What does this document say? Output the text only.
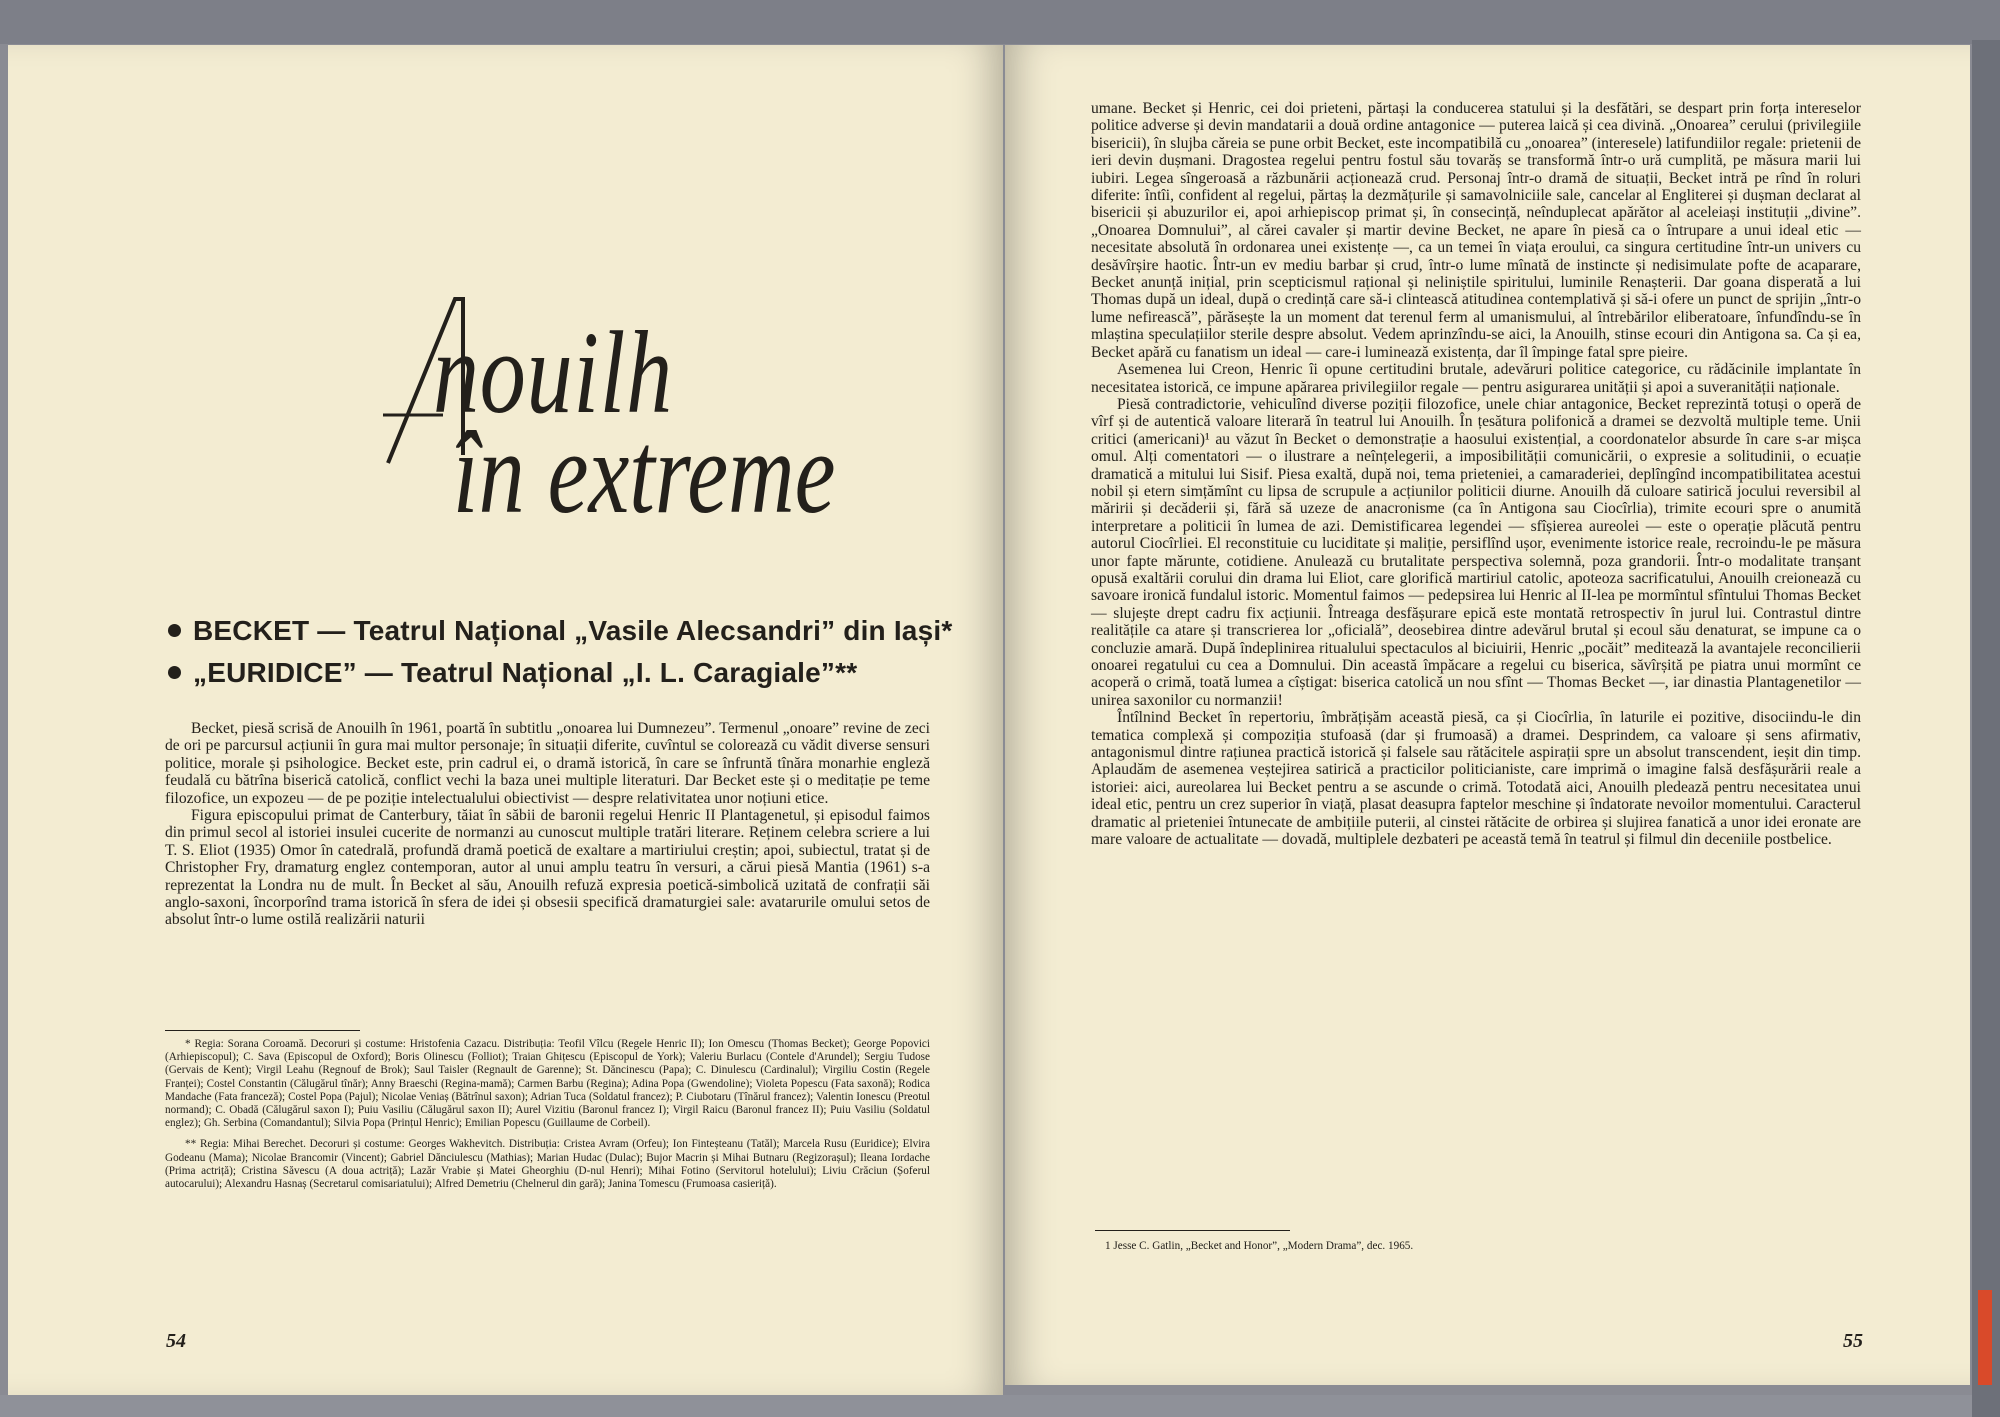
nouilh
în extreme
BECKET — Teatrul Național „Vasile Alecsandri” din Iași*
„EURIDICE” — Teatrul Național „I. L. Caragiale”**

Becket, piesă scrisă de Anouilh în 1961, poartă în subtitlu „onoarea lui Dumnezeu”. Termenul „onoare” revine de zeci de ori pe parcursul acțiunii în gura mai multor personaje; în situații diferite, cuvîntul se colorează cu vădit diverse sensuri politice, morale și psihologice. Becket este, prin cadrul ei, o dramă istorică, în care se înfruntă tînăra monarhie engleză feudală cu bătrîna biserică catolică, conflict vechi la baza unei multiple literaturi. Dar Becket este și o meditație pe teme filozofice, un expozeu — de pe poziție intelectualului obiectivist — despre relativitatea unor noțiuni etice.

Figura episcopului primat de Canterbury, tăiat în săbii de baronii regelui Henric II Plantagenetul, și episodul faimos din primul secol al istoriei insulei cucerite de normanzi au cunoscut multiple tratări literare. Reținem celebra scriere a lui T. S. Eliot (1935) Omor în catedrală, profundă dramă poetică de exaltare a martiriului creștin; apoi, subiectul, tratat și de Christopher Fry, dramaturg englez contemporan, autor al unui amplu teatru în versuri, a cărui piesă Mantia (1961) s-a reprezentat la Londra nu de mult. În Becket al său, Anouilh refuză expresia poetică-simbolică uzitată de confrații săi anglo-saxoni, încorporînd trama istorică în sfera de idei și obsesii specifică dramaturgiei sale: avatarurile omului setos de absolut într-o lume ostilă realizării naturii

* Regia: Sorana Coroamă. Decoruri și costume: Hristofenia Cazacu. Distribuția: Teofil Vîlcu (Regele Henric II); Ion Omescu (Thomas Becket); George Popovici (Arhiepiscopul); C. Sava (Episcopul de Oxford); Boris Olinescu (Folliot); Traian Ghițescu (Episcopul de York); Valeriu Burlacu (Contele d'Arundel); Sergiu Tudose (Gervais de Kent); Virgil Leahu (Regnouf de Brok); Saul Taisler (Regnault de Garenne); St. Dăncinescu (Papa); C. Dinulescu (Cardinalul); Virgiliu Costin (Regele Franței); Costel Constantin (Călugărul tînăr); Anny Braeschi (Regina-mamă); Carmen Barbu (Regina); Adina Popa (Gwendoline); Violeta Popescu (Fata saxonă); Rodica Mandache (Fata franceză); Costel Popa (Pajul); Nicolae Veniaș (Bătrînul saxon); Adrian Tuca (Soldatul francez); P. Ciubotaru (Tînărul francez); Valentin Ionescu (Preotul normand); C. Obadă (Călugărul saxon I); Puiu Vasiliu (Călugărul saxon II); Aurel Vizitiu (Baronul francez I); Virgil Raicu (Baronul francez II); Puiu Vasiliu (Soldatul englez); Gh. Serbina (Comandantul); Silvia Popa (Prințul Henric); Emilian Popescu (Guillaume de Corbeil).

** Regia: Mihai Berechet. Decoruri și costume: Georges Wakhevitch. Distribuția: Cristea Avram (Orfeu); Ion Finteșteanu (Tatăl); Marcela Rusu (Euridice); Elvira Godeanu (Mama); Nicolae Brancomir (Vincent); Gabriel Dănciulescu (Mathias); Marian Hudac (Dulac); Bujor Macrin și Mihai Butnaru (Regizorașul); Ileana Iordache (Prima actriță); Cristina Săvescu (A doua actriță); Lazăr Vrabie și Matei Gheorghiu (D-nul Henri); Mihai Fotino (Servitorul hotelului); Liviu Crăciun (Șoferul autocarului); Alexandru Hasnaș (Secretarul comisariatului); Alfred Demetriu (Chelnerul din gară); Janina Tomescu (Frumoasa casieriță).

54

umane. Becket și Henric, cei doi prieteni, părtași la conducerea statului și la desfătări, se despart prin forța intereselor politice adverse și devin mandatarii a două ordine antagonice — puterea laică și cea divină. „Onoarea” cerului (privilegiile bisericii), în slujba căreia se pune orbit Becket, este incompatibilă cu „onoarea” (interesele) latifundiilor regale: prietenii de ieri devin dușmani. Dragostea regelui pentru fostul său tovarăș se transformă într-o ură cumplită, pe măsura marii lui iubiri. Legea sîngeroasă a răzbunării acționează crud. Personaj într-o dramă de situații, Becket intră pe rînd în roluri diferite: întîi, confident al regelui, părtaș la dezmățurile și samavolniciile sale, cancelar al Engliterei și dușman declarat al bisericii și abuzurilor ei, apoi arhiepiscop primat și, în consecință, neînduplecat apărător al aceleiași instituții „divine”. „Onoarea Domnului”, al cărei cavaler și martir devine Becket, ne apare în piesă ca o întrupare a unui ideal etic — necesitate absolută în ordonarea unei existențe —, ca un temei în viața eroului, ca singura certitudine într-un univers cu desăvîrșire haotic. Într-un ev mediu barbar și crud, într-o lume mînată de instincte și nedisimulate pofte de acaparare, Becket anunță inițial, prin scepticismul rațional și neliniștile spiritului, luminile Renașterii. Dar goana disperată a lui Thomas după un ideal, după o credință care să-i clintească atitudinea contemplativă și să-i ofere un punct de sprijin „într-o lume nefirească”, părăsește la un moment dat terenul ferm al umanismului, al întrebărilor eliberatoare, înfundîndu-se în mlaștina speculațiilor sterile despre absolut. Vedem aprinzîndu-se aici, la Anouilh, stinse ecouri din Antigona sa. Ca și ea, Becket apără cu fanatism un ideal — care-i luminează existența, dar îl împinge fatal spre pieire.

Asemenea lui Creon, Henric îi opune certitudini brutale, adevăruri politice categorice, cu rădăcinile implantate în necesitatea istorică, ce impune apărarea privilegiilor regale — pentru asigurarea unității și apoi a suveranității naționale.

Piesă contradictorie, vehiculînd diverse poziții filozofice, unele chiar antagonice, Becket reprezintă totuși o operă de vîrf și de autentică valoare literară în teatrul lui Anouilh. În țesătura polifonică a dramei se dezvoltă multiple teme. Unii critici (americani)¹ au văzut în Becket o demonstrație a haosului existențial, a coordonatelor absurde în care s-ar mișca omul. Alți comentatori — o ilustrare a neînțelegerii, a imposibilității comunicării, o expresie a solitudinii, o ecuație dramatică a mitului lui Sisif. Piesa exaltă, după noi, tema prieteniei, a camaraderiei, deplîngînd incompatibilitatea acestui nobil și etern simțămînt cu lipsa de scrupule a acțiunilor politicii diurne. Anouilh dă culoare satirică jocului reversibil al măririi și decăderii și, fără să uzeze de anacronisme (ca în Antigona sau Ciocîrlia), trimite ecouri spre o anumită interpretare a politicii în lumea de azi. Demistificarea legendei — sfîșierea aureolei — este o operație plăcută pentru autorul Ciocîrliei. El reconstituie cu luciditate și maliție, persiflînd ușor, evenimente istorice reale, recroindu-le pe măsura unor fapte mărunte, cotidiene. Anulează cu brutalitate perspectiva solemnă, poza grandorii. Într-o modalitate tranșant opusă exaltării corului din drama lui Eliot, care glorifică martiriul catolic, apoteoza sacrificatului, Anouilh creionează cu savoare ironică fundalul istoric. Momentul faimos — pedepsirea lui Henric al II-lea pe mormîntul sfîntului Thomas Becket — slujește drept cadru fix acțiunii. Întreaga desfășurare epică este montată retrospectiv în jurul lui. Contrastul dintre realitățile ca atare și transcrierea lor „oficială”, deosebirea dintre adevărul brutal și ecoul său denaturat, se impune ca o concluzie amară. După îndeplinirea ritualului spectaculos al biciuirii, Henric „pocăit” meditează la avantajele reconcilierii onoarei regatului cu cea a Domnului. Din această împăcare a regelui cu biserica, săvîrșită pe piatra unui mormînt ce acoperă o crimă, toată lumea a cîștigat: biserica catolică un nou sfînt — Thomas Becket —, iar dinastia Plantagenetilor — unirea saxonilor cu normanzii!

Întîlnind Becket în repertoriu, îmbrățișăm această piesă, ca și Ciocîrlia, în laturile ei pozitive, disociindu-le din tematica complexă și compoziția stufoasă (dar și frumoasă) a dramei. Desprindem, ca valoare și sens afirmativ, antagonismul dintre rațiunea practică istorică și falsele sau rătăcitele aspirații spre un absolut transcendent, ieșit din timp. Aplaudăm de asemenea veștejirea satirică a practicilor politicianiste, care imprimă o imagine falsă desfășurării reale a istoriei: aici, aureolarea lui Becket pentru a se ascunde o crimă. Totodată aici, Anouilh pledează pentru necesitatea unui ideal etic, pentru un crez superior în viață, plasat deasupra faptelor meschine și îndatorate nevoilor momentului. Caracterul dramatic al prieteniei întunecate de ambițiile puterii, al cinstei rătăcite de orbirea și slujirea fanatică a unor idei eronate are mare valoare de actualitate — dovadă, multiplele dezbateri pe această temă în teatrul și filmul din deceniile postbelice.

1 Jesse C. Gatlin, „Becket and Honor”, „Modern Drama”, dec. 1965.
55
